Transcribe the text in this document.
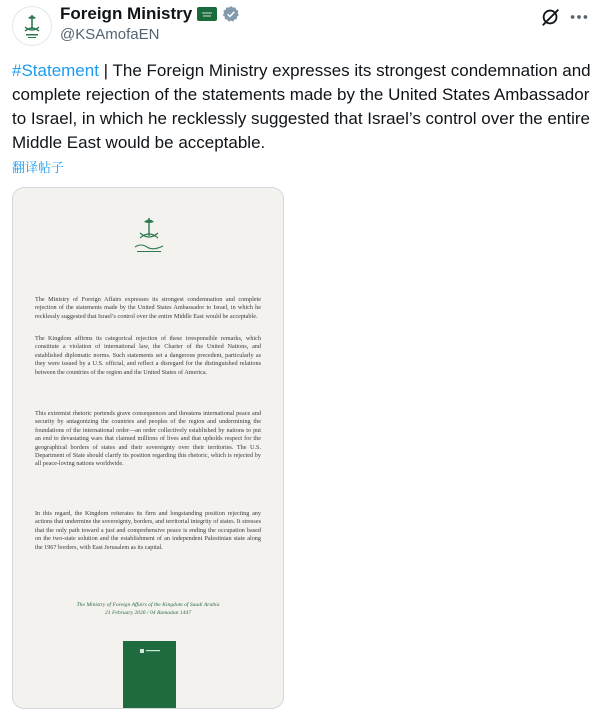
Foreign Ministry
@KSAmofaEN

#Statement | The Foreign Ministry expresses its strongest condemnation and complete rejection of the statements made by the United States Ambassador to Israel, in which he recklessly suggested that Israel’s control over the entire Middle East would be acceptable.

翻译帖子

The Ministry of Foreign Affairs expresses its strongest condemnation and complete rejection of the statements made by the United States Ambassador to Israel, in which he recklessly suggested that Israel’s control over the entire Middle East would be acceptable.

The Kingdom affirms its categorical rejection of these irresponsible remarks, which constitute a violation of international law, the Charter of the United Nations, and established diplomatic norms. Such statements set a dangerous precedent, particularly as they were issued by a U.S. official, and reflect a disregard for the distinguished relations between the countries of the region and the United States of America.

This extremist rhetoric portends grave consequences and threatens international peace and security by antagonizing the countries and peoples of the region and undermining the foundations of the international order—an order collectively established by nations to put an end to devastating wars that claimed millions of lives and that upholds respect for the geographical borders of states and their sovereignty over their territories. The U.S. Department of State should clarify its position regarding this rhetoric, which is rejected by all peace-loving nations worldwide.

In this regard, the Kingdom reiterates its firm and longstanding position rejecting any actions that undermine the sovereignty, borders, and territorial integrity of states. It stresses that the only path toward a just and comprehensive peace is ending the occupation based on the two-state solution and the establishment of an independent Palestinian state along the 1967 borders, with East Jerusalem as its capital.

The Ministry of Foreign Affairs of the Kingdom of Saudi Arabia
21 February 2026 / 04 Ramadan 1447
